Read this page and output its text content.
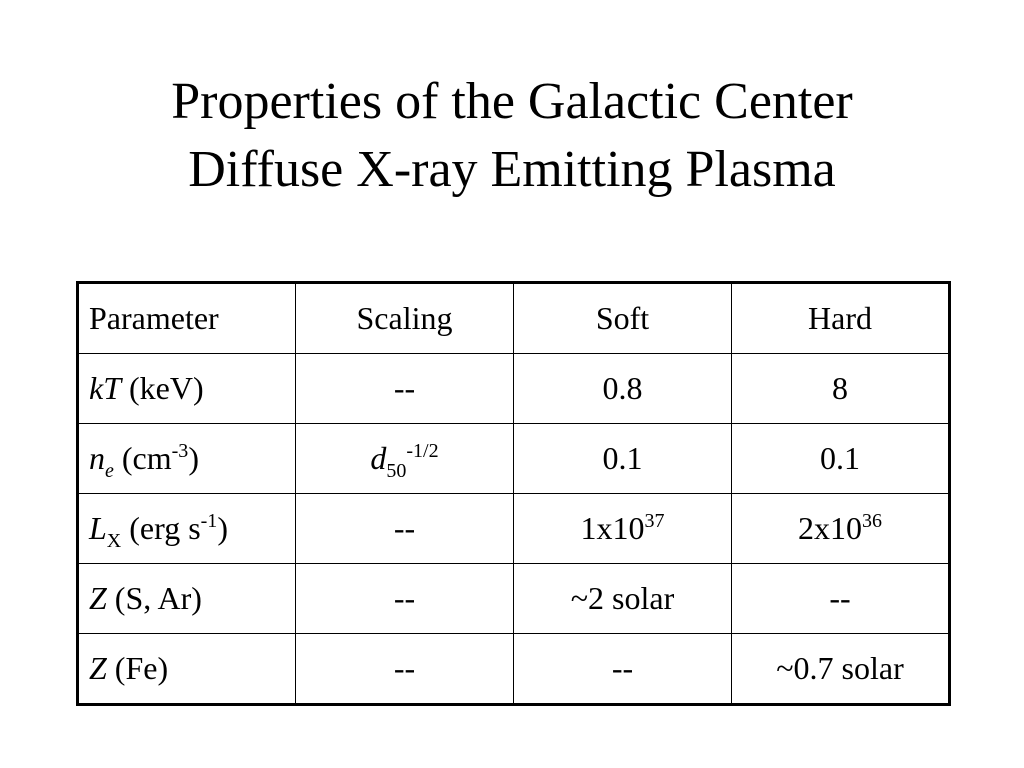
Properties of the Galactic Center
Diffuse X-ray Emitting Plasma
Parameter	Scaling	Soft	Hard
kT (keV)	--	0.8	8
$n_e$ $(cm^{-3})$	$d_{50}^{-1/2}$	0.1	0.1
$L_X$ (erg $s^{-1}$)	--	$1x10^{37}$	$2x10^{36}$
Z (S, Ar)	--	~2 solar	--
Z (Fe)	--	--	~0.7 solar
